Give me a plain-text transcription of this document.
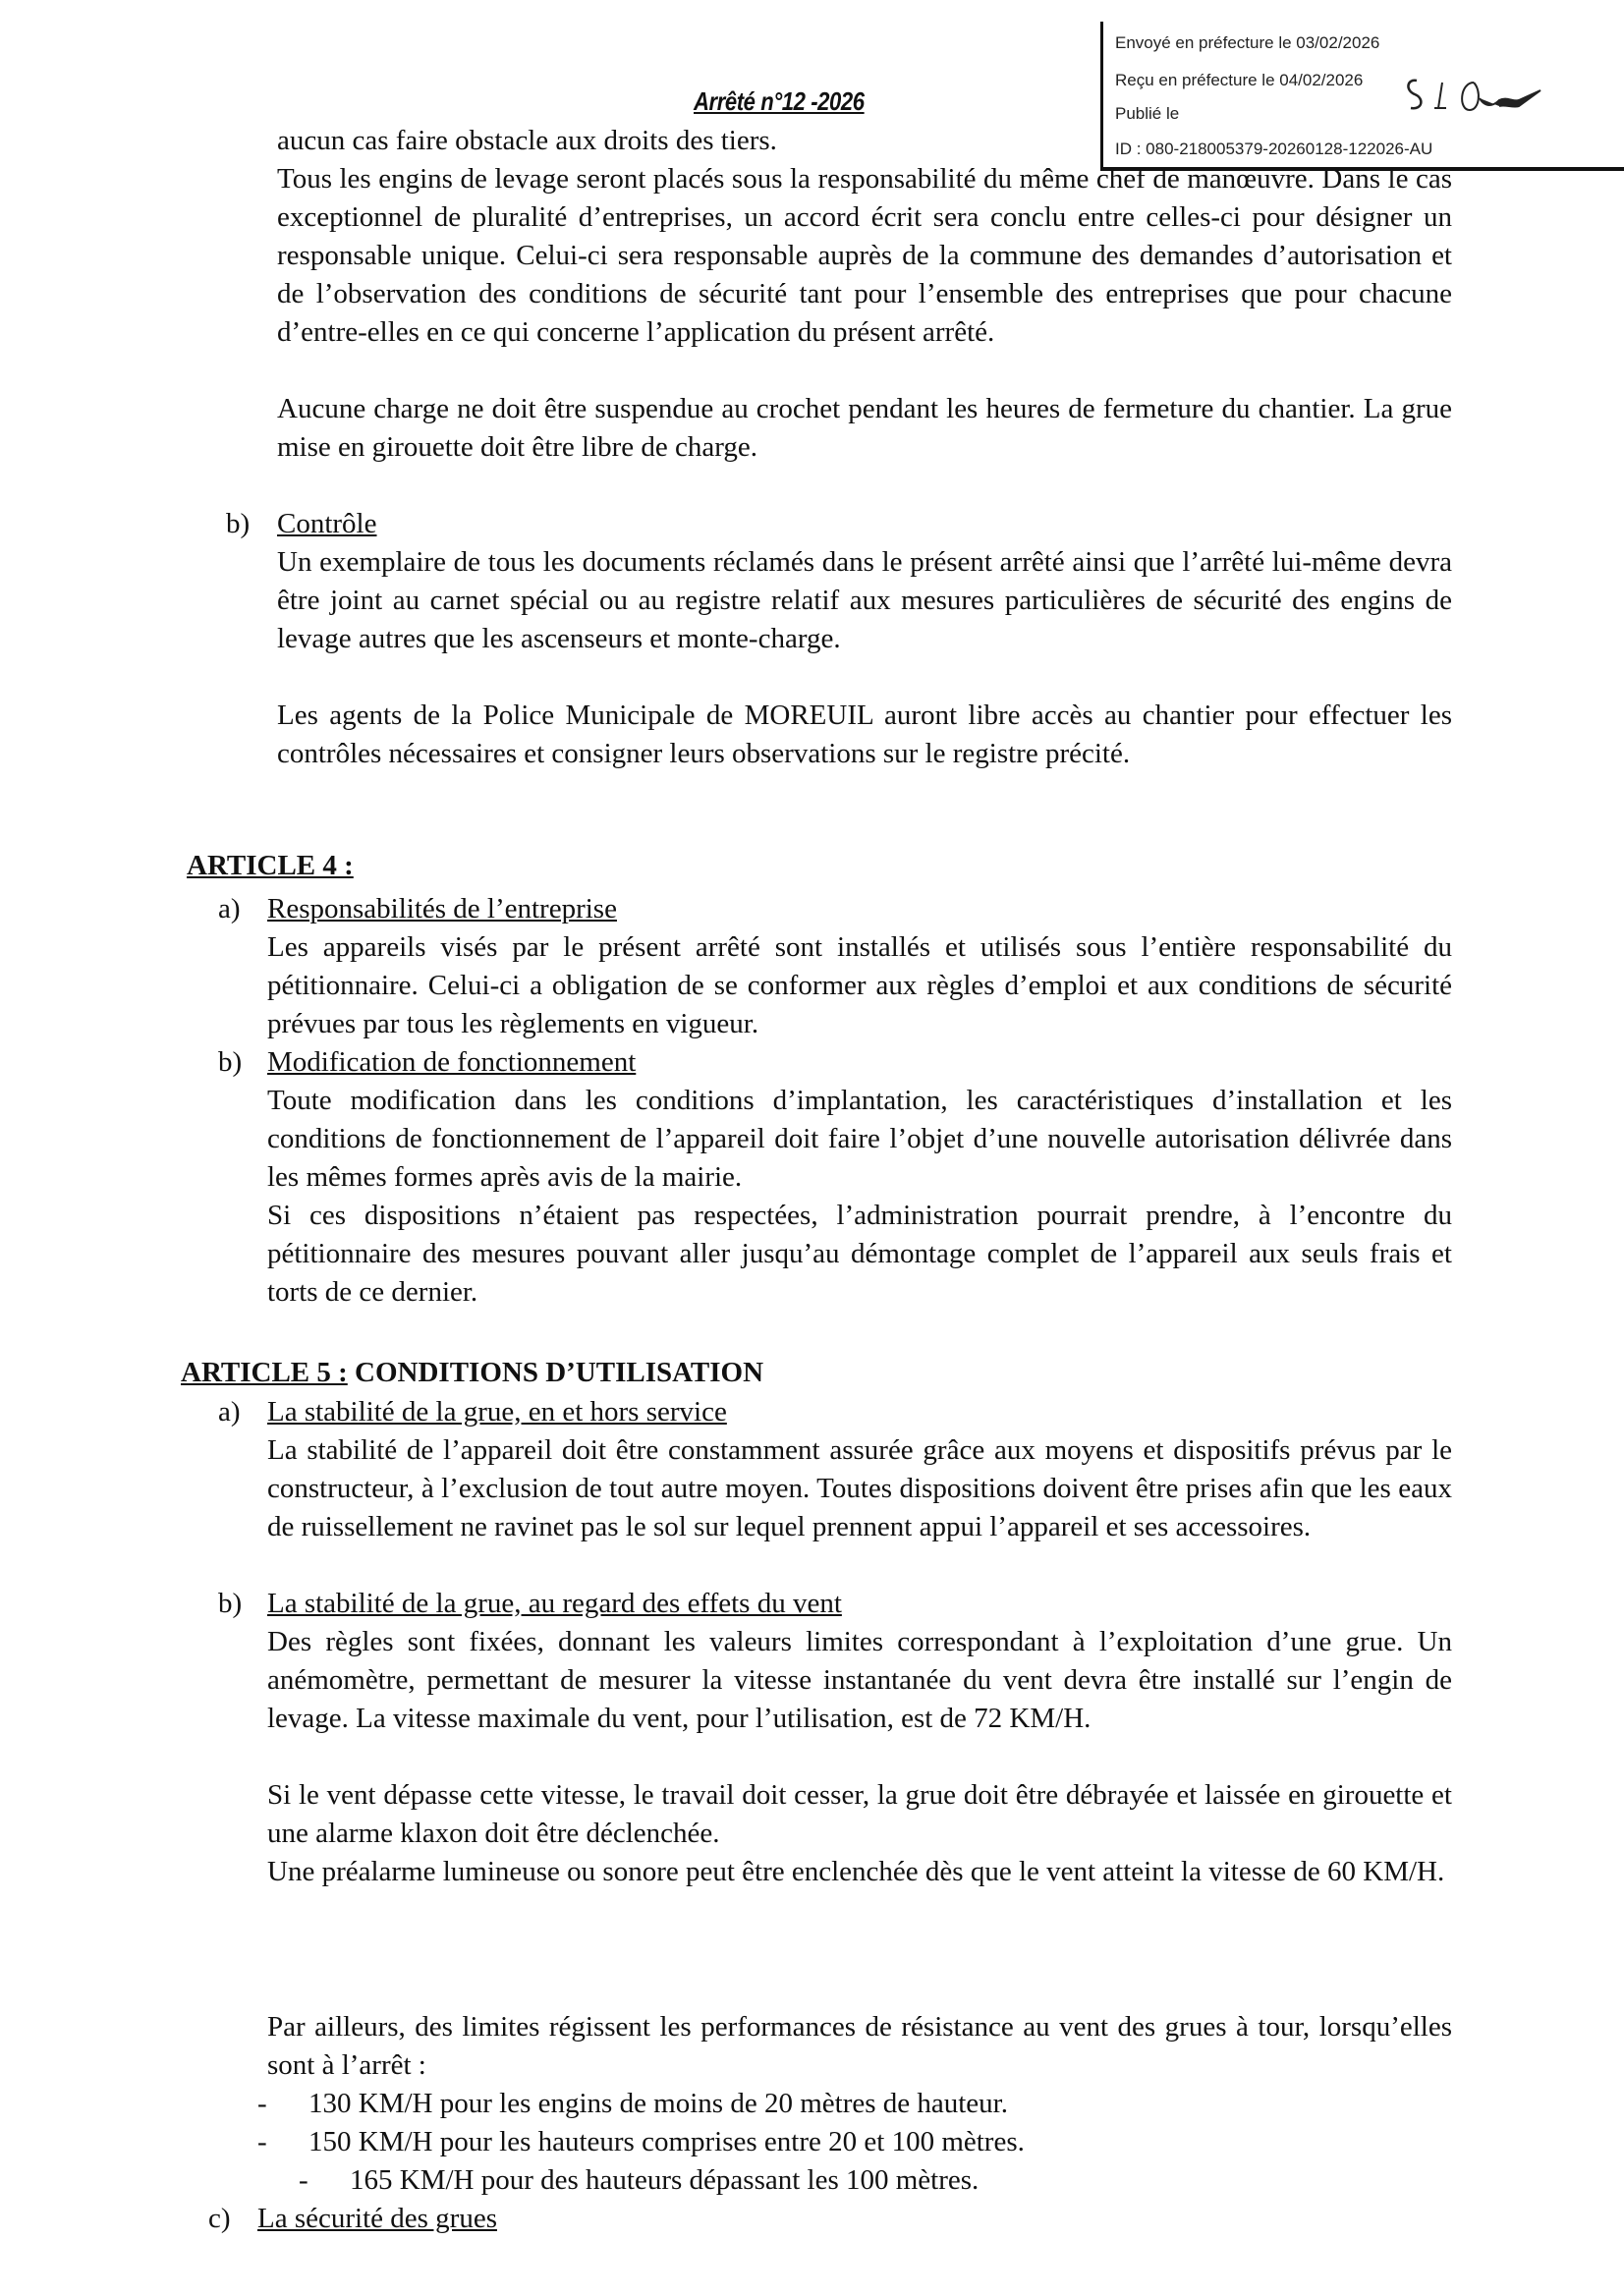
Envoyé en préfecture le 03/02/2026
Reçu en préfecture le 04/02/2026
Publié le
ID : 080-218005379-20260128-122026-AU
Arrêté n°12 -2026
aucun cas faire obstacle aux droits des tiers.
Tous les engins de levage seront placés sous la responsabilité du même chef de manœuvre. Dans le cas exceptionnel de pluralité d’entreprises, un accord écrit sera conclu entre celles-ci pour désigner un responsable unique. Celui-ci sera responsable auprès de la commune des demandes d’autorisation et de l’observation des conditions de sécurité tant pour l’ensemble des entreprises que pour chacune d’entre-elles en ce qui concerne l’application du présent arrêté.
Aucune charge ne doit être suspendue au crochet pendant les heures de fermeture du chantier. La grue mise en girouette doit être libre de charge.
b) Contrôle
Un exemplaire de tous les documents réclamés dans le présent arrêté ainsi que l’arrêté lui-même devra être joint au carnet spécial ou au registre relatif aux mesures particulières de sécurité des engins de levage autres que les ascenseurs et monte-charge.
Les agents de la Police Municipale de MOREUIL auront libre accès au chantier pour effectuer les contrôles nécessaires et consigner leurs observations sur le registre précité.
ARTICLE 4 :
a) Responsabilités de l’entreprise
Les appareils visés par le présent arrêté sont installés et utilisés sous l’entière responsabilité du pétitionnaire. Celui-ci a obligation de se conformer aux règles d’emploi et aux conditions de sécurité prévues par tous les règlements en vigueur.
b) Modification de fonctionnement
Toute modification dans les conditions d’implantation, les caractéristiques d’installation et les conditions de fonctionnement de l’appareil doit faire l’objet d’une nouvelle autorisation délivrée dans les mêmes formes après avis de la mairie.
Si ces dispositions n’étaient pas respectées, l’administration pourrait prendre, à l’encontre du pétitionnaire des mesures pouvant aller jusqu’au démontage complet de l’appareil aux seuls frais et torts de ce dernier.
ARTICLE 5 : CONDITIONS D’UTILISATION
a) La stabilité de la grue, en et hors service
La stabilité de l’appareil doit être constamment assurée grâce aux moyens et dispositifs prévus par le constructeur, à l’exclusion de tout autre moyen. Toutes dispositions doivent être prises afin que les eaux de ruissellement ne ravinet pas le sol sur lequel prennent appui l’appareil et ses accessoires.
b) La stabilité de la grue, au regard des effets du vent
Des règles sont fixées, donnant les valeurs limites correspondant à l’exploitation d’une grue. Un anémomètre, permettant de mesurer la vitesse instantanée du vent devra être installé sur l’engin de levage. La vitesse maximale du vent, pour l’utilisation, est de 72 KM/H.
Si le vent dépasse cette vitesse, le travail doit cesser, la grue doit être débrayée et laissée en girouette et une alarme klaxon doit être déclenchée.
Une préalarme lumineuse ou sonore peut être enclenchée dès que le vent atteint la vitesse de 60 KM/H.
Par ailleurs, des limites régissent les performances de résistance au vent des grues à tour, lorsqu’elles sont à l’arrêt :
- 130 KM/H pour les engins de moins de 20 mètres de hauteur.
- 150 KM/H pour les hauteurs comprises entre 20 et 100 mètres.
- 165 KM/H pour des hauteurs dépassant les 100 mètres.
c) La sécurité des grues
